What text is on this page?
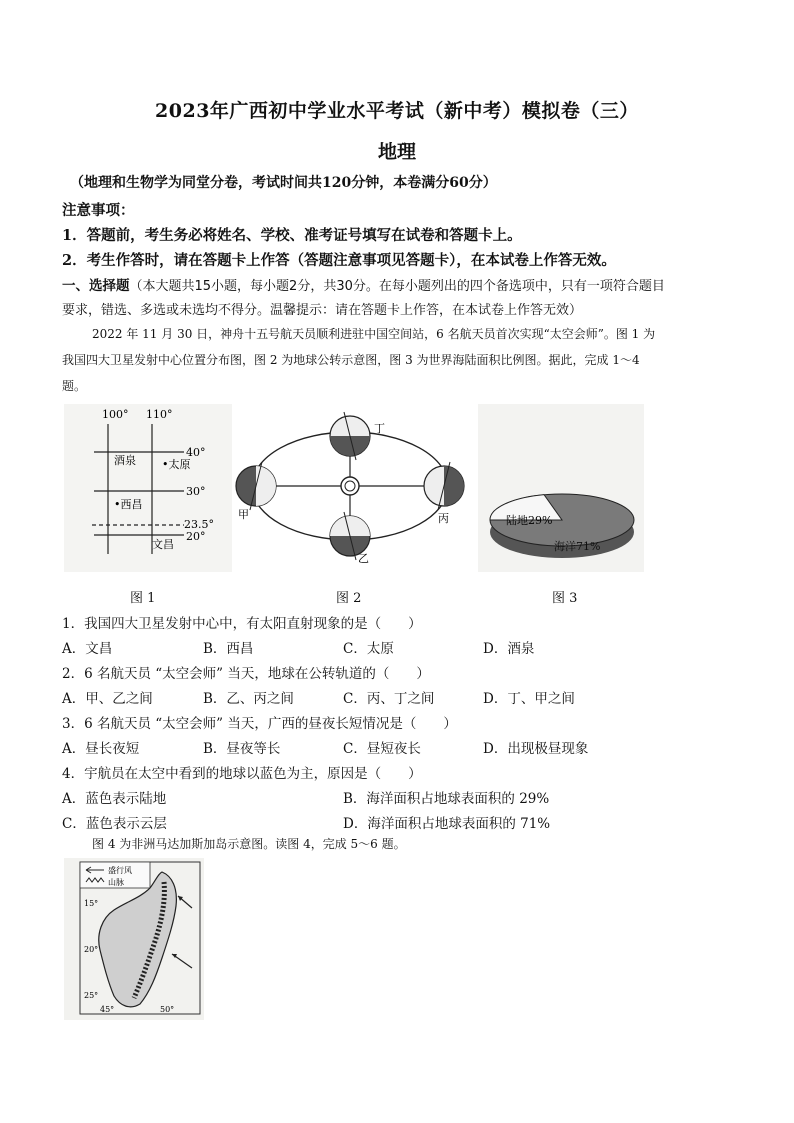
2023年广西初中学业水平考试（新中考）模拟卷（三）
地理
（地理和生物学为同堂分卷，考试时间共120分钟，本卷满分60分）
注意事项：
1．答题前，考生务必将姓名、学校、准考证号填写在试卷和答题卡上。
2．考生作答时，请在答题卡上作答（答题注意事项见答题卡），在本试卷上作答无效。
一、选择题（本大题共15小题，每小题2分，共30分。在每小题列出的四个备选项中，只有一项符合题目
要求，错选、多选或未选均不得分。温馨提示：请在答题卡上作答，在本试卷上作答无效）
2022 年 11 月 30 日，神舟十五号航天员顺利进驻中国空间站，6 名航天员首次实现“太空会师”。图 1 为
我国四大卫星发射中心位置分布图，图 2 为地球公转示意图，图 3 为世界海陆面积比例图。据此，完成 1～4
题。
100° 110°
40°
30°
23.5°
20°
酒泉 •太原
•西昌
文昌
甲
乙
丙
丁
陆地29%
海洋71%
图 1	图 2	图 3
1．我国四大卫星发射中心中，有太阳直射现象的是（　　）
A．文昌	B．西昌	C．太原	D．酒泉
2．6 名航天员 “太空会师” 当天，地球在公转轨道的（　　）
A．甲、乙之间	B．乙、丙之间	C．丙、丁之间	D．丁、甲之间
3．6 名航天员 “太空会师” 当天，广西的昼夜长短情况是（　　）
A．昼长夜短	B．昼夜等长	C．昼短夜长	D．出现极昼现象
4．宇航员在太空中看到的地球以蓝色为主，原因是（　　）
A．蓝色表示陆地	B．海洋面积占地球表面积的 29%
C．蓝色表示云层	D．海洋面积占地球表面积的 71%
图 4 为非洲马达加斯加岛示意图。读图 4，完成 5～6 题。
盛行风
山脉
15°
20°
25°
45°	50°
